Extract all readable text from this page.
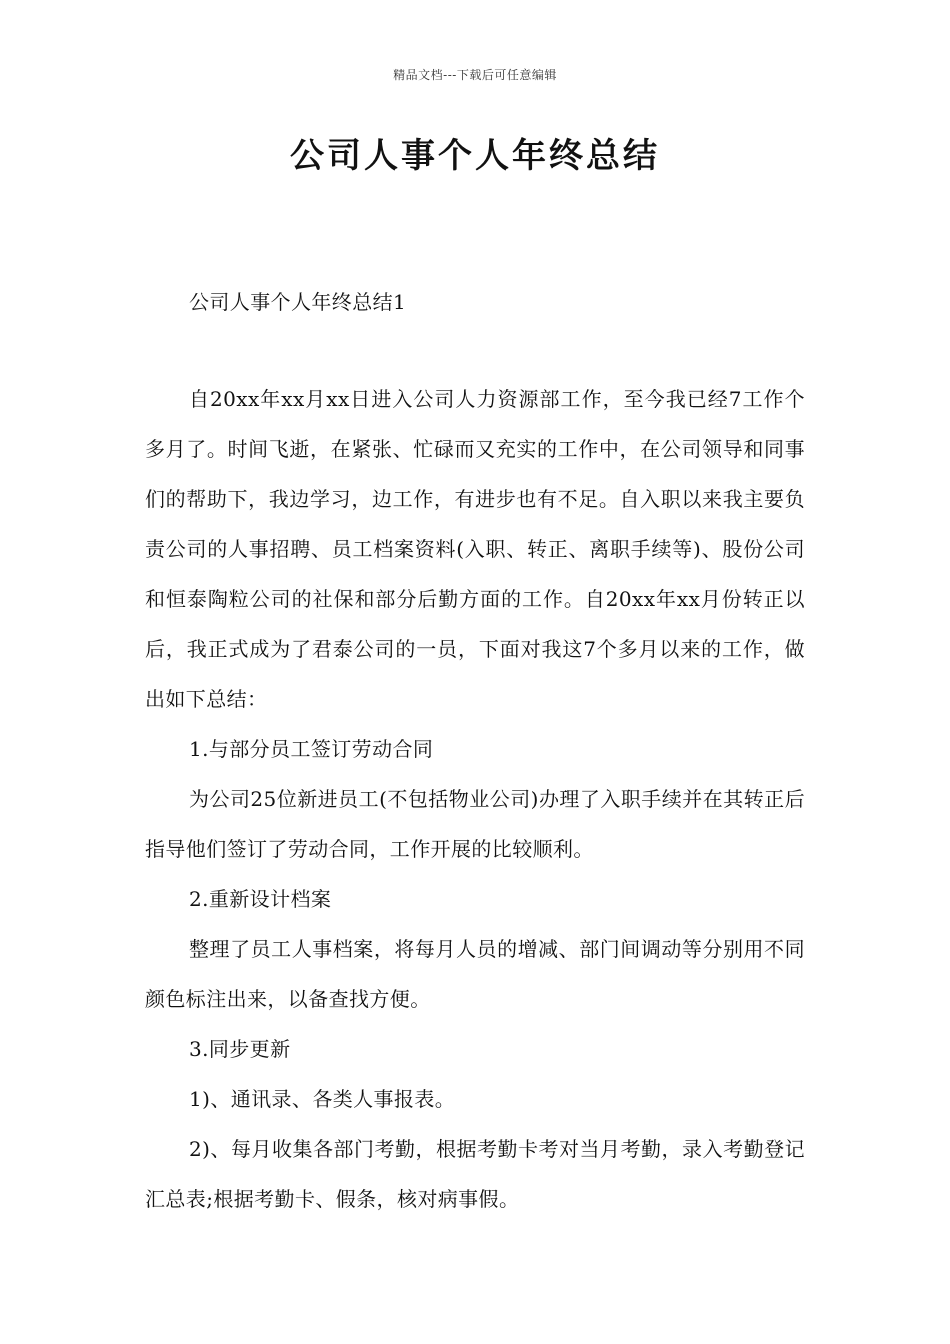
精品文档---下载后可任意编辑
公司人事个人年终总结
公司人事个人年终总结1

自20xx年xx月xx日进入公司人力资源部工作，至今我已经7工作个多月了。时间飞逝，在紧张、忙碌而又充实的工作中，在公司领导和同事们的帮助下，我边学习，边工作，有进步也有不足。自入职以来我主要负责公司的人事招聘、员工档案资料(入职、转正、离职手续等)、股份公司和恒泰陶粒公司的社保和部分后勤方面的工作。自20xx年xx月份转正以后，我正式成为了君泰公司的一员，下面对我这7个多月以来的工作，做出如下总结：

1.与部分员工签订劳动合同

为公司25位新进员工(不包括物业公司)办理了入职手续并在其转正后指导他们签订了劳动合同，工作开展的比较顺利。

2.重新设计档案

整理了员工人事档案，将每月人员的增减、部门间调动等分别用不同颜色标注出来，以备查找方便。

3.同步更新

1)、通讯录、各类人事报表。

2)、每月收集各部门考勤，根据考勤卡考对当月考勤，录入考勤登记汇总表;根据考勤卡、假条，核对病事假。
